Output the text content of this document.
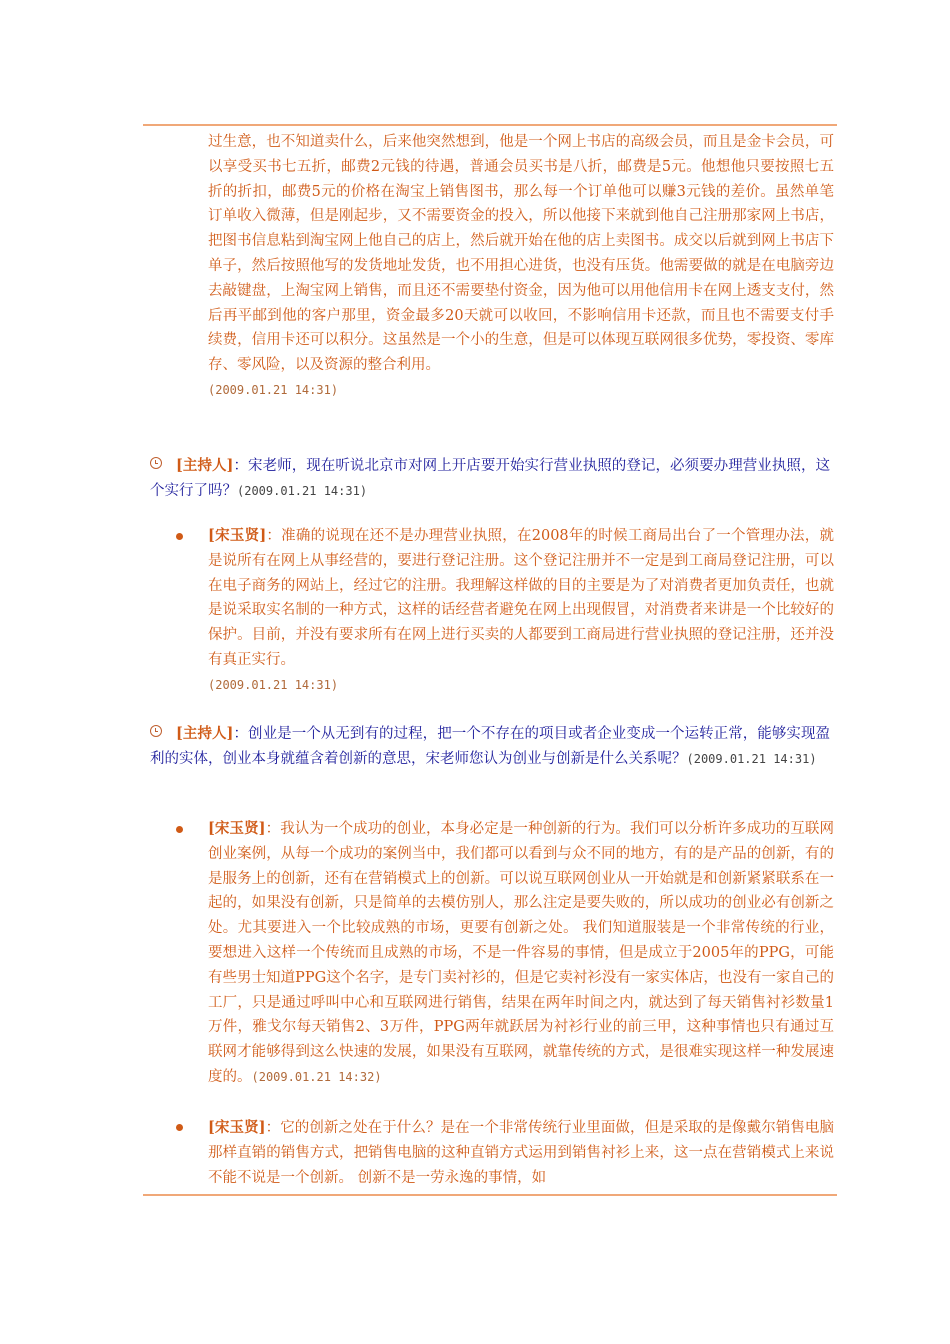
过生意，也不知道卖什么，后来他突然想到，他是一个网上书店的高级会员，而且是金卡会员，可以享受买书七五折，邮费2元钱的待遇，普通会员买书是八折，邮费是5元。他想他只要按照七五折的折扣，邮费5元的价格在淘宝上销售图书，那么每一个订单他可以赚3元钱的差价。虽然单笔订单收入微薄，但是刚起步，又不需要资金的投入，所以他接下来就到他自己注册那家网上书店，把图书信息粘到淘宝网上他自己的店上，然后就开始在他的店上卖图书。成交以后就到网上书店下单子，然后按照他写的发货地址发货，也不用担心进货，也没有压货。他需要做的就是在电脑旁边去敲键盘，上淘宝网上销售，而且还不需要垫付资金，因为他可以用他信用卡在网上透支支付，然后再平邮到他的客户那里，资金最多20天就可以收回，不影响信用卡还款，而且也不需要支付手续费，信用卡还可以积分。这虽然是一个小的生意，但是可以体现互联网很多优势，零投资、零库存、零风险，以及资源的整合利用。
(2009.01.21 14:31)

[主持人]：宋老师，现在听说北京市对网上开店要开始实行营业执照的登记，必须要办理营业执照，这个实行了吗？(2009.01.21 14:31)

[宋玉贤]：准确的说现在还不是办理营业执照，在2008年的时候工商局出台了一个管理办法，就是说所有在网上从事经营的，要进行登记注册。这个登记注册并不一定是到工商局登记注册，可以在电子商务的网站上，经过它的注册。我理解这样做的目的主要是为了对消费者更加负责任，也就是说采取实名制的一种方式，这样的话经营者避免在网上出现假冒，对消费者来讲是一个比较好的保护。目前，并没有要求所有在网上进行买卖的人都要到工商局进行营业执照的登记注册，还并没有真正实行。
(2009.01.21 14:31)

[主持人]：创业是一个从无到有的过程，把一个不存在的项目或者企业变成一个运转正常，能够实现盈利的实体，创业本身就蕴含着创新的意思，宋老师您认为创业与创新是什么关系呢？(2009.01.21 14:31)

[宋玉贤]：我认为一个成功的创业，本身必定是一种创新的行为。我们可以分析许多成功的互联网创业案例，从每一个成功的案例当中，我们都可以看到与众不同的地方，有的是产品的创新，有的是服务上的创新，还有在营销模式上的创新。可以说互联网创业从一开始就是和创新紧紧联系在一起的，如果没有创新，只是简单的去模仿别人，那么注定是要失败的，所以成功的创业必有创新之处。尤其要进入一个比较成熟的市场，更要有创新之处。 我们知道服装是一个非常传统的行业，要想进入这样一个传统而且成熟的市场，不是一件容易的事情，但是成立于2005年的PPG，可能有些男士知道PPG这个名字，是专门卖衬衫的，但是它卖衬衫没有一家实体店，也没有一家自己的工厂，只是通过呼叫中心和互联网进行销售，结果在两年时间之内，就达到了每天销售衬衫数量1万件，雅戈尔每天销售2、3万件，PPG两年就跃居为衬衫行业的前三甲，这种事情也只有通过互联网才能够得到这么快速的发展，如果没有互联网，就靠传统的方式，是很难实现这样一种发展速度的。(2009.01.21 14:32)

[宋玉贤]：它的创新之处在于什么？是在一个非常传统行业里面做，但是采取的是像戴尔销售电脑那样直销的销售方式，把销售电脑的这种直销方式运用到销售衬衫上来，这一点在营销模式上来说不能不说是一个创新。 创新不是一劳永逸的事情，如
